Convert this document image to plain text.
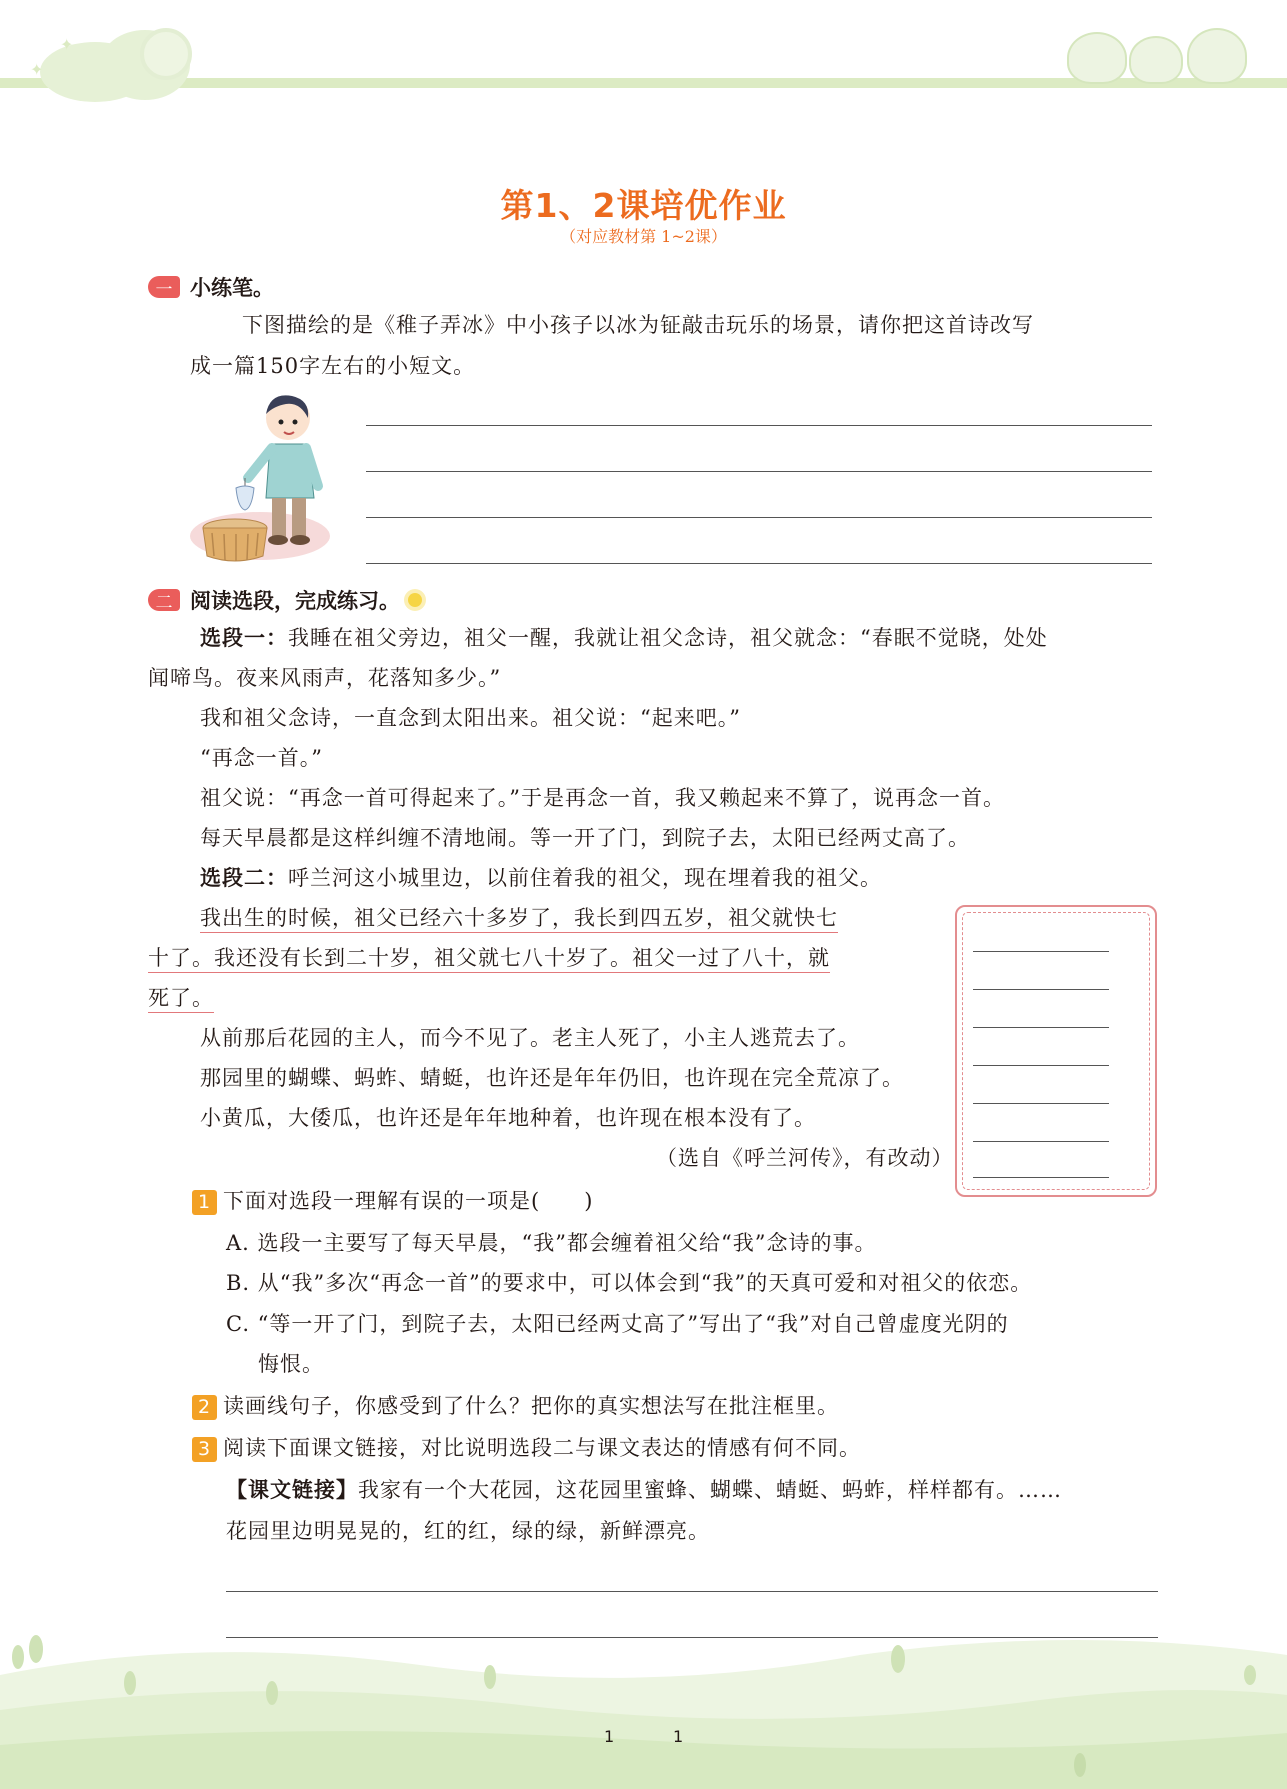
✦
✦
第1、2课培优作业
（对应教材第 1~2课）
一 小练笔。
下图描绘的是《稚子弄冰》中小孩子以冰为钲敲击玩乐的场景，请你把这首诗改写
成一篇150字左右的小短文。
二 阅读选段，完成练习。
选段一：我睡在祖父旁边，祖父一醒，我就让祖父念诗，祖父就念：“春眠不觉晓，处处
闻啼鸟。夜来风雨声，花落知多少。”
我和祖父念诗，一直念到太阳出来。祖父说：“起来吧。”
“再念一首。”
祖父说：“再念一首可得起来了。”于是再念一首，我又赖起来不算了，说再念一首。
每天早晨都是这样纠缠不清地闹。等一开了门，到院子去，太阳已经两丈高了。
选段二：呼兰河这小城里边，以前住着我的祖父，现在埋着我的祖父。
我出生的时候，祖父已经六十多岁了，我长到四五岁，祖父就快七
十了。我还没有长到二十岁，祖父就七八十岁了。祖父一过了八十，就
死了。
从前那后花园的主人，而今不见了。老主人死了，小主人逃荒去了。
那园里的蝴蝶、蚂蚱、蜻蜓，也许还是年年仍旧，也许现在完全荒凉了。
小黄瓜，大倭瓜，也许还是年年地种着，也许现在根本没有了。
（选自《呼兰河传》，有改动）
1 下面对选段一理解有误的一项是(　　)
A. 选段一主要写了每天早晨，“我”都会缠着祖父给“我”念诗的事。
B. 从“我”多次“再念一首”的要求中，可以体会到“我”的天真可爱和对祖父的依恋。
C. “等一开了门，到院子去，太阳已经两丈高了”写出了“我”对自己曾虚度光阴的
悔恨。
2 读画线句子，你感受到了什么？把你的真实想法写在批注框里。
3 阅读下面课文链接，对比说明选段二与课文表达的情感有何不同。
【课文链接】我家有一个大花园，这花园里蜜蜂、蝴蝶、蜻蜓、蚂蚱，样样都有。……
花园里边明晃晃的，红的红，绿的绿，新鲜漂亮。
1	1
